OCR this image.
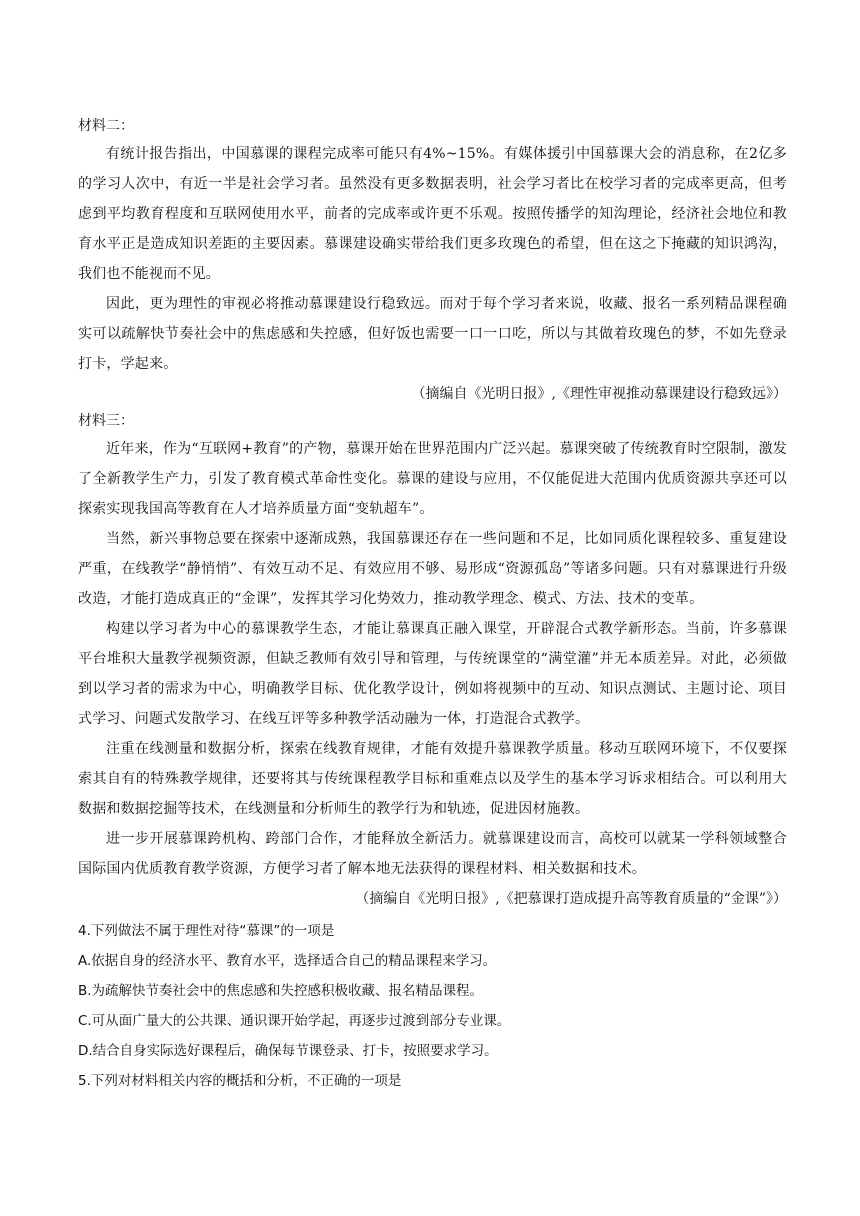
材料二：

有统计报告指出，中国慕课的课程完成率可能只有4%~15%。有媒体援引中国慕课大会的消息称，在2亿多的学习人次中，有近一半是社会学习者。虽然没有更多数据表明，社会学习者比在校学习者的完成率更高，但考虑到平均教育程度和互联网使用水平，前者的完成率或许更不乐观。按照传播学的知沟理论，经济社会地位和教育水平正是造成知识差距的主要因素。慕课建设确实带给我们更多玫瑰色的希望，但在这之下掩藏的知识鸿沟，我们也不能视而不见。

因此，更为理性的审视必将推动慕课建设行稳致远。而对于每个学习者来说，收藏、报名一系列精品课程确实可以疏解快节奏社会中的焦虑感和失控感，但好饭也需要一口一口吃，所以与其做着玫瑰色的梦，不如先登录打卡，学起来。

（摘编自《光明日报》,《理性审视推动慕课建设行稳致远》）

材料三：

近年来，作为“互联网+教育”的产物，慕课开始在世界范围内广泛兴起。慕课突破了传统教育时空限制，激发了全新教学生产力，引发了教育模式革命性变化。慕课的建设与应用，不仅能促进大范围内优质资源共享还可以探索实现我国高等教育在人才培养质量方面“变轨超车”。

当然，新兴事物总要在探索中逐渐成熟，我国慕课还存在一些问题和不足，比如同质化课程较多、重复建设严重，在线教学“静悄悄”、有效互动不足、有效应用不够、易形成“资源孤岛”等诸多问题。只有对慕课进行升级改造，才能打造成真正的“金课”，发挥其学习化势效力，推动教学理念、模式、方法、技术的变革。

构建以学习者为中心的慕课教学生态，才能让慕课真正融入课堂，开辟混合式教学新形态。当前，许多慕课平台堆积大量教学视频资源，但缺乏教师有效引导和管理，与传统课堂的“满堂灌”并无本质差异。对此，必须做到以学习者的需求为中心，明确教学目标、优化教学设计，例如将视频中的互动、知识点测试、主题讨论、项目式学习、问题式发散学习、在线互评等多种教学活动融为一体，打造混合式教学。

注重在线测量和数据分析，探索在线教育规律，才能有效提升慕课教学质量。移动互联网环境下，不仅要探索其自有的特殊教学规律，还要将其与传统课程教学目标和重难点以及学生的基本学习诉求相结合。可以利用大数据和数据挖掘等技术，在线测量和分析师生的教学行为和轨迹，促进因材施教。

进一步开展慕课跨机构、跨部门合作，才能释放全新活力。就慕课建设而言，高校可以就某一学科领域整合国际国内优质教育教学资源，方便学习者了解本地无法获得的课程材料、相关数据和技术。

（摘编自《光明日报》,《把慕课打造成提升高等教育质量的“金课”》）

4.下列做法不属于理性对待“慕课”的一项是

A.依据自身的经济水平、教育水平，选择适合自己的精品课程来学习。

B.为疏解快节奏社会中的焦虑感和失控感积极收藏、报名精品课程。

C.可从面广量大的公共课、通识课开始学起，再逐步过渡到部分专业课。

D.结合自身实际选好课程后，确保每节课登录、打卡，按照要求学习。

5.下列对材料相关内容的概括和分析，不正确的一项是
